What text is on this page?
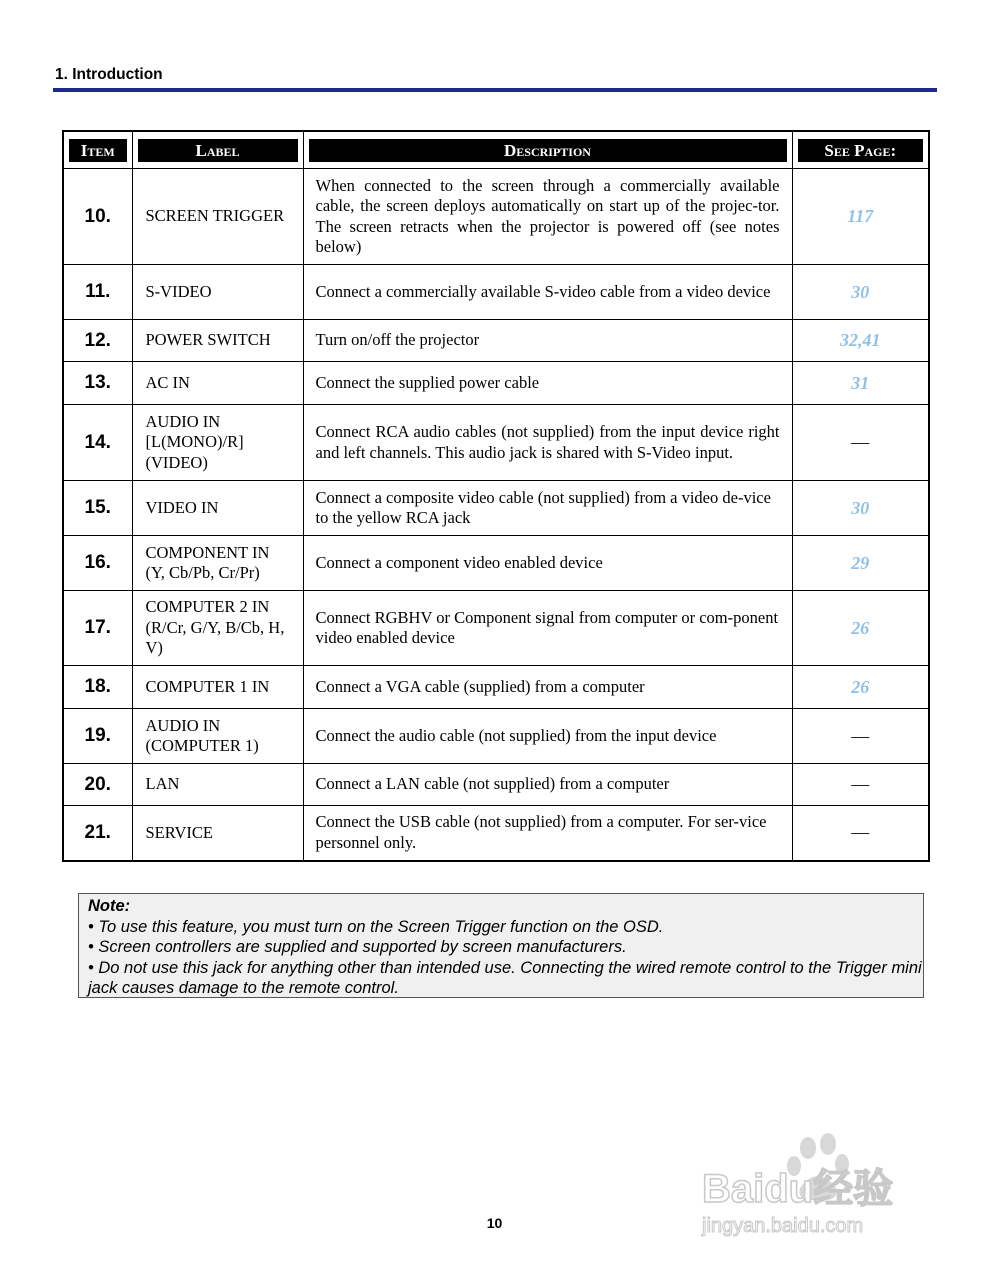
1. Introduction
Item	Label	Description	See Page:

10.	SCREEN TRIGGER	When connected to the screen through a commercially available cable, the screen deploys automatically on start up of the projec-tor. The screen retracts when the projector is powered off (see notes below)	117
11.	S-VIDEO	Connect a commercially available S-video cable from a video device	30
12.	POWER SWITCH	Turn on/off the projector	32,41
13.	AC IN	Connect the supplied power cable	31
14.	AUDIO IN [L(MONO)/R] (VIDEO)	Connect RCA audio cables (not supplied) from the input device right and left channels. This audio jack is shared with S-Video input.	—
15.	VIDEO IN	Connect a composite video cable (not supplied) from a video de-vice to the yellow RCA jack	30
16.	COMPONENT IN (Y, Cb/Pb, Cr/Pr)	Connect a component video enabled device	29
17.	COMPUTER 2 IN (R/Cr, G/Y, B/Cb, H, V)	Connect RGBHV or Component signal from computer or com-ponent video enabled device	26
18.	COMPUTER 1 IN	Connect a VGA cable (supplied) from a computer	26
19.	AUDIO IN (COMPUTER 1)	Connect the audio cable (not supplied) from the input device	—
20.	LAN	Connect a LAN cable (not supplied) from a computer	—
21.	SERVICE	Connect the USB cable (not supplied) from a computer. For ser-vice personnel only.	—
Note:
• To use this feature, you must turn on the Screen Trigger function on the OSD.
• Screen controllers are supplied and supported by screen manufacturers.
• Do not use this jack for anything other than intended use. Connecting the wired remote control to the Trigger mini jack causes damage to the remote control.
10
Baidu经验
jingyan.baidu.com
